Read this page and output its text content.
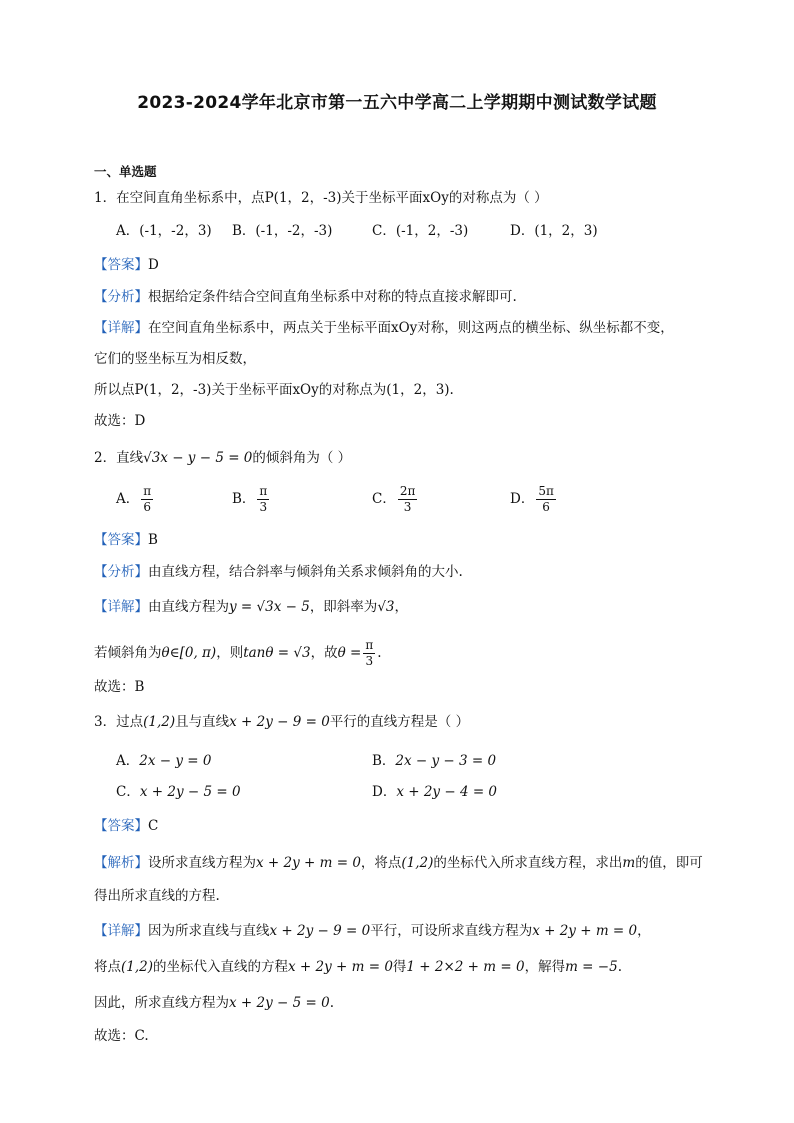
2023-2024学年北京市第一五六中学高二上学期期中测试数学试题
一、单选题
1．在空间直角坐标系中，点P(1，2，-3)关于坐标平面xOy的对称点为（ ）
A．(-1，-2，3) B．(-1，-2，-3)	C．(-1，2，-3)	D．(1，2，3)
【答案】D
【分析】根据给定条件结合空间直角坐标系中对称的特点直接求解即可.
【详解】在空间直角坐标系中，两点关于坐标平面xOy对称，则这两点的横坐标、纵坐标都不变，
它们的竖坐标互为相反数，
所以点P(1，2，-3)关于坐标平面xOy的对称点为(1，2，3).
故选：D
2．直线√3x − y − 5 = 0的倾斜角为（ ）
A． $\frac{\pi}{6}$	B． $\frac{\pi}{3}$	C． $\frac{2\pi}{3}$	D． $\frac{5\pi}{6}$
【答案】B
【分析】由直线方程，结合斜率与倾斜角关系求倾斜角的大小.
【详解】由直线方程为y = √3x − 5，即斜率为√3，
若倾斜角为θ∈[0, π)，则tanθ = √3，故$\theta = \frac{\pi}{3}$ .
故选：B
3．过点(1,2)且与直线x + 2y − 9 = 0平行的直线方程是（ ）
A．2x − y = 0	B．2x − y − 3 = 0
C．x + 2y − 5 = 0	D．x + 2y − 4 = 0
【答案】C
【解析】设所求直线方程为x + 2y + m = 0，将点(1,2)的坐标代入所求直线方程，求出m的值，即可
得出所求直线的方程.
【详解】因为所求直线与直线x + 2y − 9 = 0平行，可设所求直线方程为x + 2y + m = 0，
将点(1,2)的坐标代入直线的方程x + 2y + m = 0得1 + 2×2 + m = 0，解得m = −5.
因此，所求直线方程为x + 2y − 5 = 0.
故选：C.
